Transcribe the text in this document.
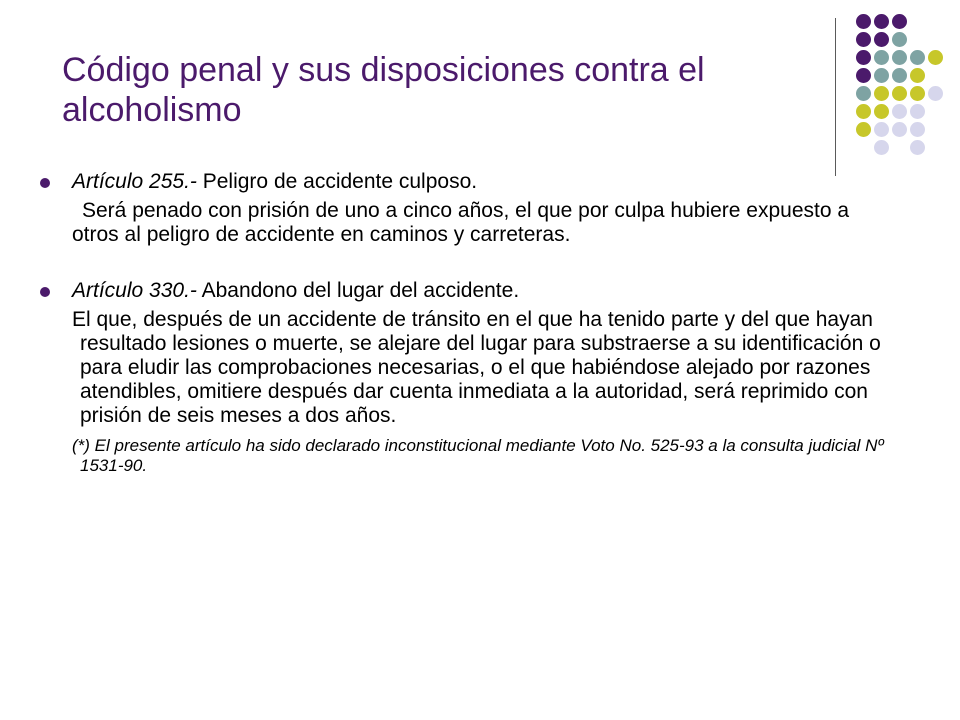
Código penal y sus disposiciones contra el alcoholismo
Artículo 255.- Peligro de accidente culposo.
Será penado con prisión de uno a cinco años, el que por culpa hubiere expuesto a otros al peligro de accidente en caminos y carreteras.
Artículo 330.- Abandono del lugar del accidente.
El que, después de un accidente de tránsito en el que ha tenido parte y del que hayan resultado lesiones o muerte, se alejare del lugar para substraerse a su identificación o para eludir las comprobaciones necesarias, o el que habiéndose alejado por razones atendibles, omitiere después dar cuenta inmediata a la autoridad, será reprimido con prisión de seis meses a dos años.
(*) El presente artículo ha sido declarado inconstitucional mediante Voto No. 525-93 a la consulta judicial Nº 1531-90.
